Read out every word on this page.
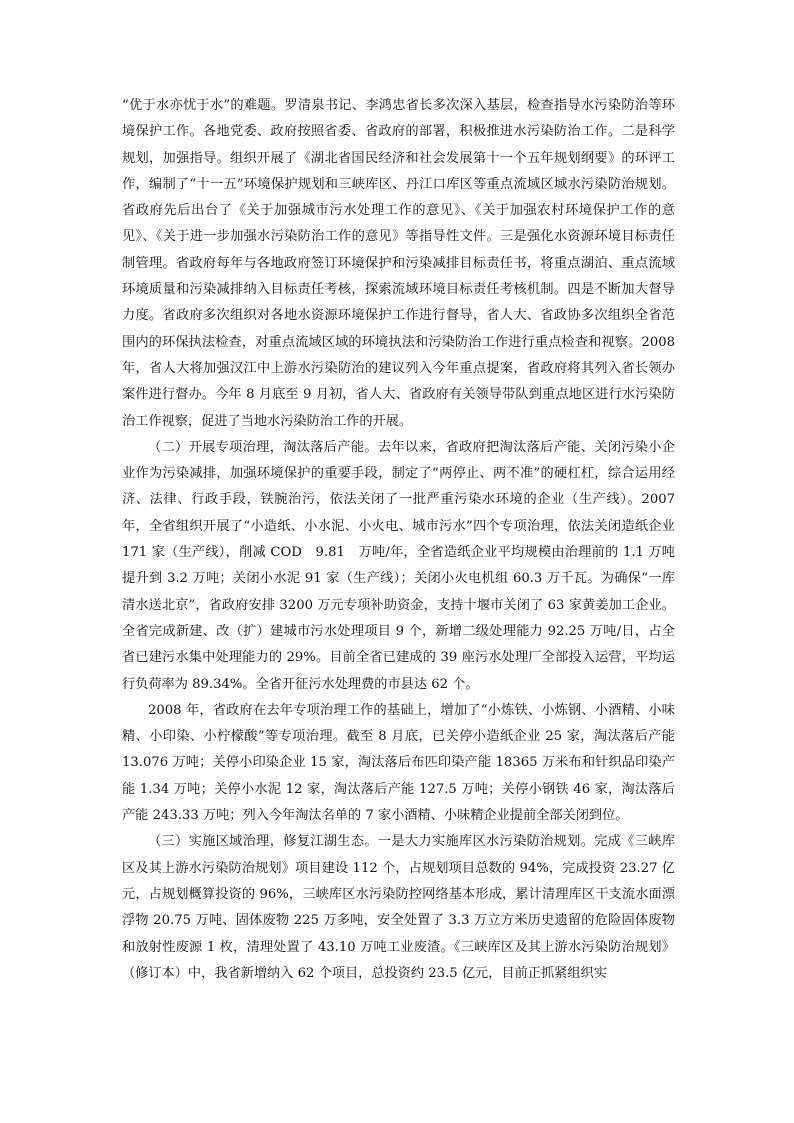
“优于水亦忧于水”的难题。罗清泉书记、李鸿忠省长多次深入基层，检查指导水污染防治等环境保护工作。各地党委、政府按照省委、省政府的部署，积极推进水污染防治工作。二是科学规划，加强指导。组织开展了《湖北省国民经济和社会发展第十一个五年规划纲要》的环评工作，编制了“十一五”环境保护规划和三峡库区、丹江口库区等重点流域区域水污染防治规划。省政府先后出台了《关于加强城市污水处理工作的意见》、《关于加强农村环境保护工作的意见》、《关于进一步加强水污染防治工作的意见》等指导性文件。三是强化水资源环境目标责任制管理。省政府每年与各地政府签订环境保护和污染减排目标责任书，将重点湖泊、重点流域环境质量和污染减排纳入目标责任考核，探索流域环境目标责任考核机制。四是不断加大督导力度。省政府多次组织对各地水资源环境保护工作进行督导，省人大、省政协多次组织全省范围内的环保执法检查，对重点流域区域的环境执法和污染防治工作进行重点检查和视察。2008 年，省人大将加强汉江中上游水污染防治的建议列入今年重点提案，省政府将其列入省长领办案件进行督办。今年 8 月底至 9 月初，省人大、省政府有关领导带队到重点地区进行水污染防治工作视察，促进了当地水污染防治工作的开展。

（二）开展专项治理，淘汰落后产能。去年以来，省政府把淘汰落后产能、关闭污染小企业作为污染减排，加强环境保护的重要手段，制定了“两停止、两不准”的硬杠杠，综合运用经济、法律、行政手段，铁腕治污，依法关闭了一批严重污染水环境的企业（生产线）。2007 年，全省组织开展了“小造纸、小水泥、小火电、城市污水”四个专项治理，依法关闭造纸企业 171 家（生产线），削减 COD　9.81　万吨/年，全省造纸企业平均规模由治理前的 1.1 万吨提升到 3.2 万吨；关闭小水泥 91 家（生产线）；关闭小火电机组 60.3 万千瓦。为确保“一库清水送北京”，省政府安排 3200 万元专项补助资金，支持十堰市关闭了 63 家黄姜加工企业。全省完成新建、改（扩）建城市污水处理项目 9 个，新增二级处理能力 92.25 万吨/日，占全省已建污水集中处理能力的 29%。目前全省已建成的 39 座污水处理厂全部投入运营，平均运行负荷率为 89.34%。全省开征污水处理费的市县达 62 个。

2008 年，省政府在去年专项治理工作的基础上，增加了“小炼铁、小炼钢、小酒精、小味精、小印染、小柠檬酸”等专项治理。截至 8 月底，已关停小造纸企业 25 家，淘汰落后产能 13.076 万吨；关停小印染企业 15 家，淘汰落后布匹印染产能 18365 万米布和针织品印染产能 1.34 万吨；关停小水泥 12 家，淘汰落后产能 127.5 万吨；关停小钢铁 46 家，淘汰落后产能 243.33 万吨；列入今年淘汰名单的 7 家小酒精、小味精企业提前全部关闭到位。

（三）实施区域治理，修复江湖生态。一是大力实施库区水污染防治规划。完成《三峡库区及其上游水污染防治规划》项目建设 112 个，占规划项目总数的 94%，完成投资 23.27 亿元，占规划概算投资的 96%，三峡库区水污染防控网络基本形成，累计清理库区干支流水面漂浮物 20.75 万吨、固体废物 225 万多吨，安全处置了 3.3 万立方米历史遗留的危险固体废物和放射性废源 1 枚，清理处置了 43.10 万吨工业废渣。《三峡库区及其上游水污染防治规划》（修订本）中，我省新增纳入 62 个项目，总投资约 23.5 亿元，目前正抓紧组织实
